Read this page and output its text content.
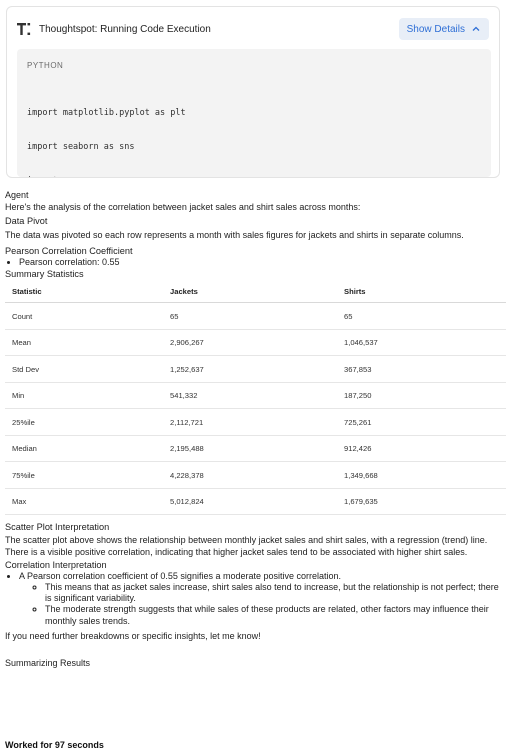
Thoughtspot: Running Code Execution	Show Details
PYTHON

import matplotlib.pyplot as plt

import seaborn as sns

Agent
Here's the analysis of the correlation between jacket sales and shirt sales across months:
Data Pivot
The data was pivoted so each row represents a month with sales figures for jackets and shirts in separate columns.
Pearson Correlation Coefficient
• Pearson correlation: 0.55
Summary Statistics
Statistic	Jackets	Shirts
Count	65	65
Mean	2,906,267	1,046,537
Std Dev	1,252,637	367,853
Min	541,332	187,250
25%ile	2,112,721	725,261
Median	2,195,488	912,426
75%ile	4,228,378	1,349,668
Max	5,012,824	1,679,635
Scatter Plot Interpretation
The scatter plot above shows the relationship between monthly jacket sales and shirt sales, with a regression (trend) line. There is a visible positive correlation, indicating that higher jacket sales tend to be associated with higher shirt sales.
Correlation Interpretation
• A Pearson correlation coefficient of 0.55 signifies a moderate positive correlation.
◦ This means that as jacket sales increase, shirt sales also tend to increase, but the relationship is not perfect; there is significant variability.
◦ The moderate strength suggests that while sales of these products are related, other factors may influence their monthly sales trends.
If you need further breakdowns or specific insights, let me know!
Summarizing Results
Worked for 97 seconds
